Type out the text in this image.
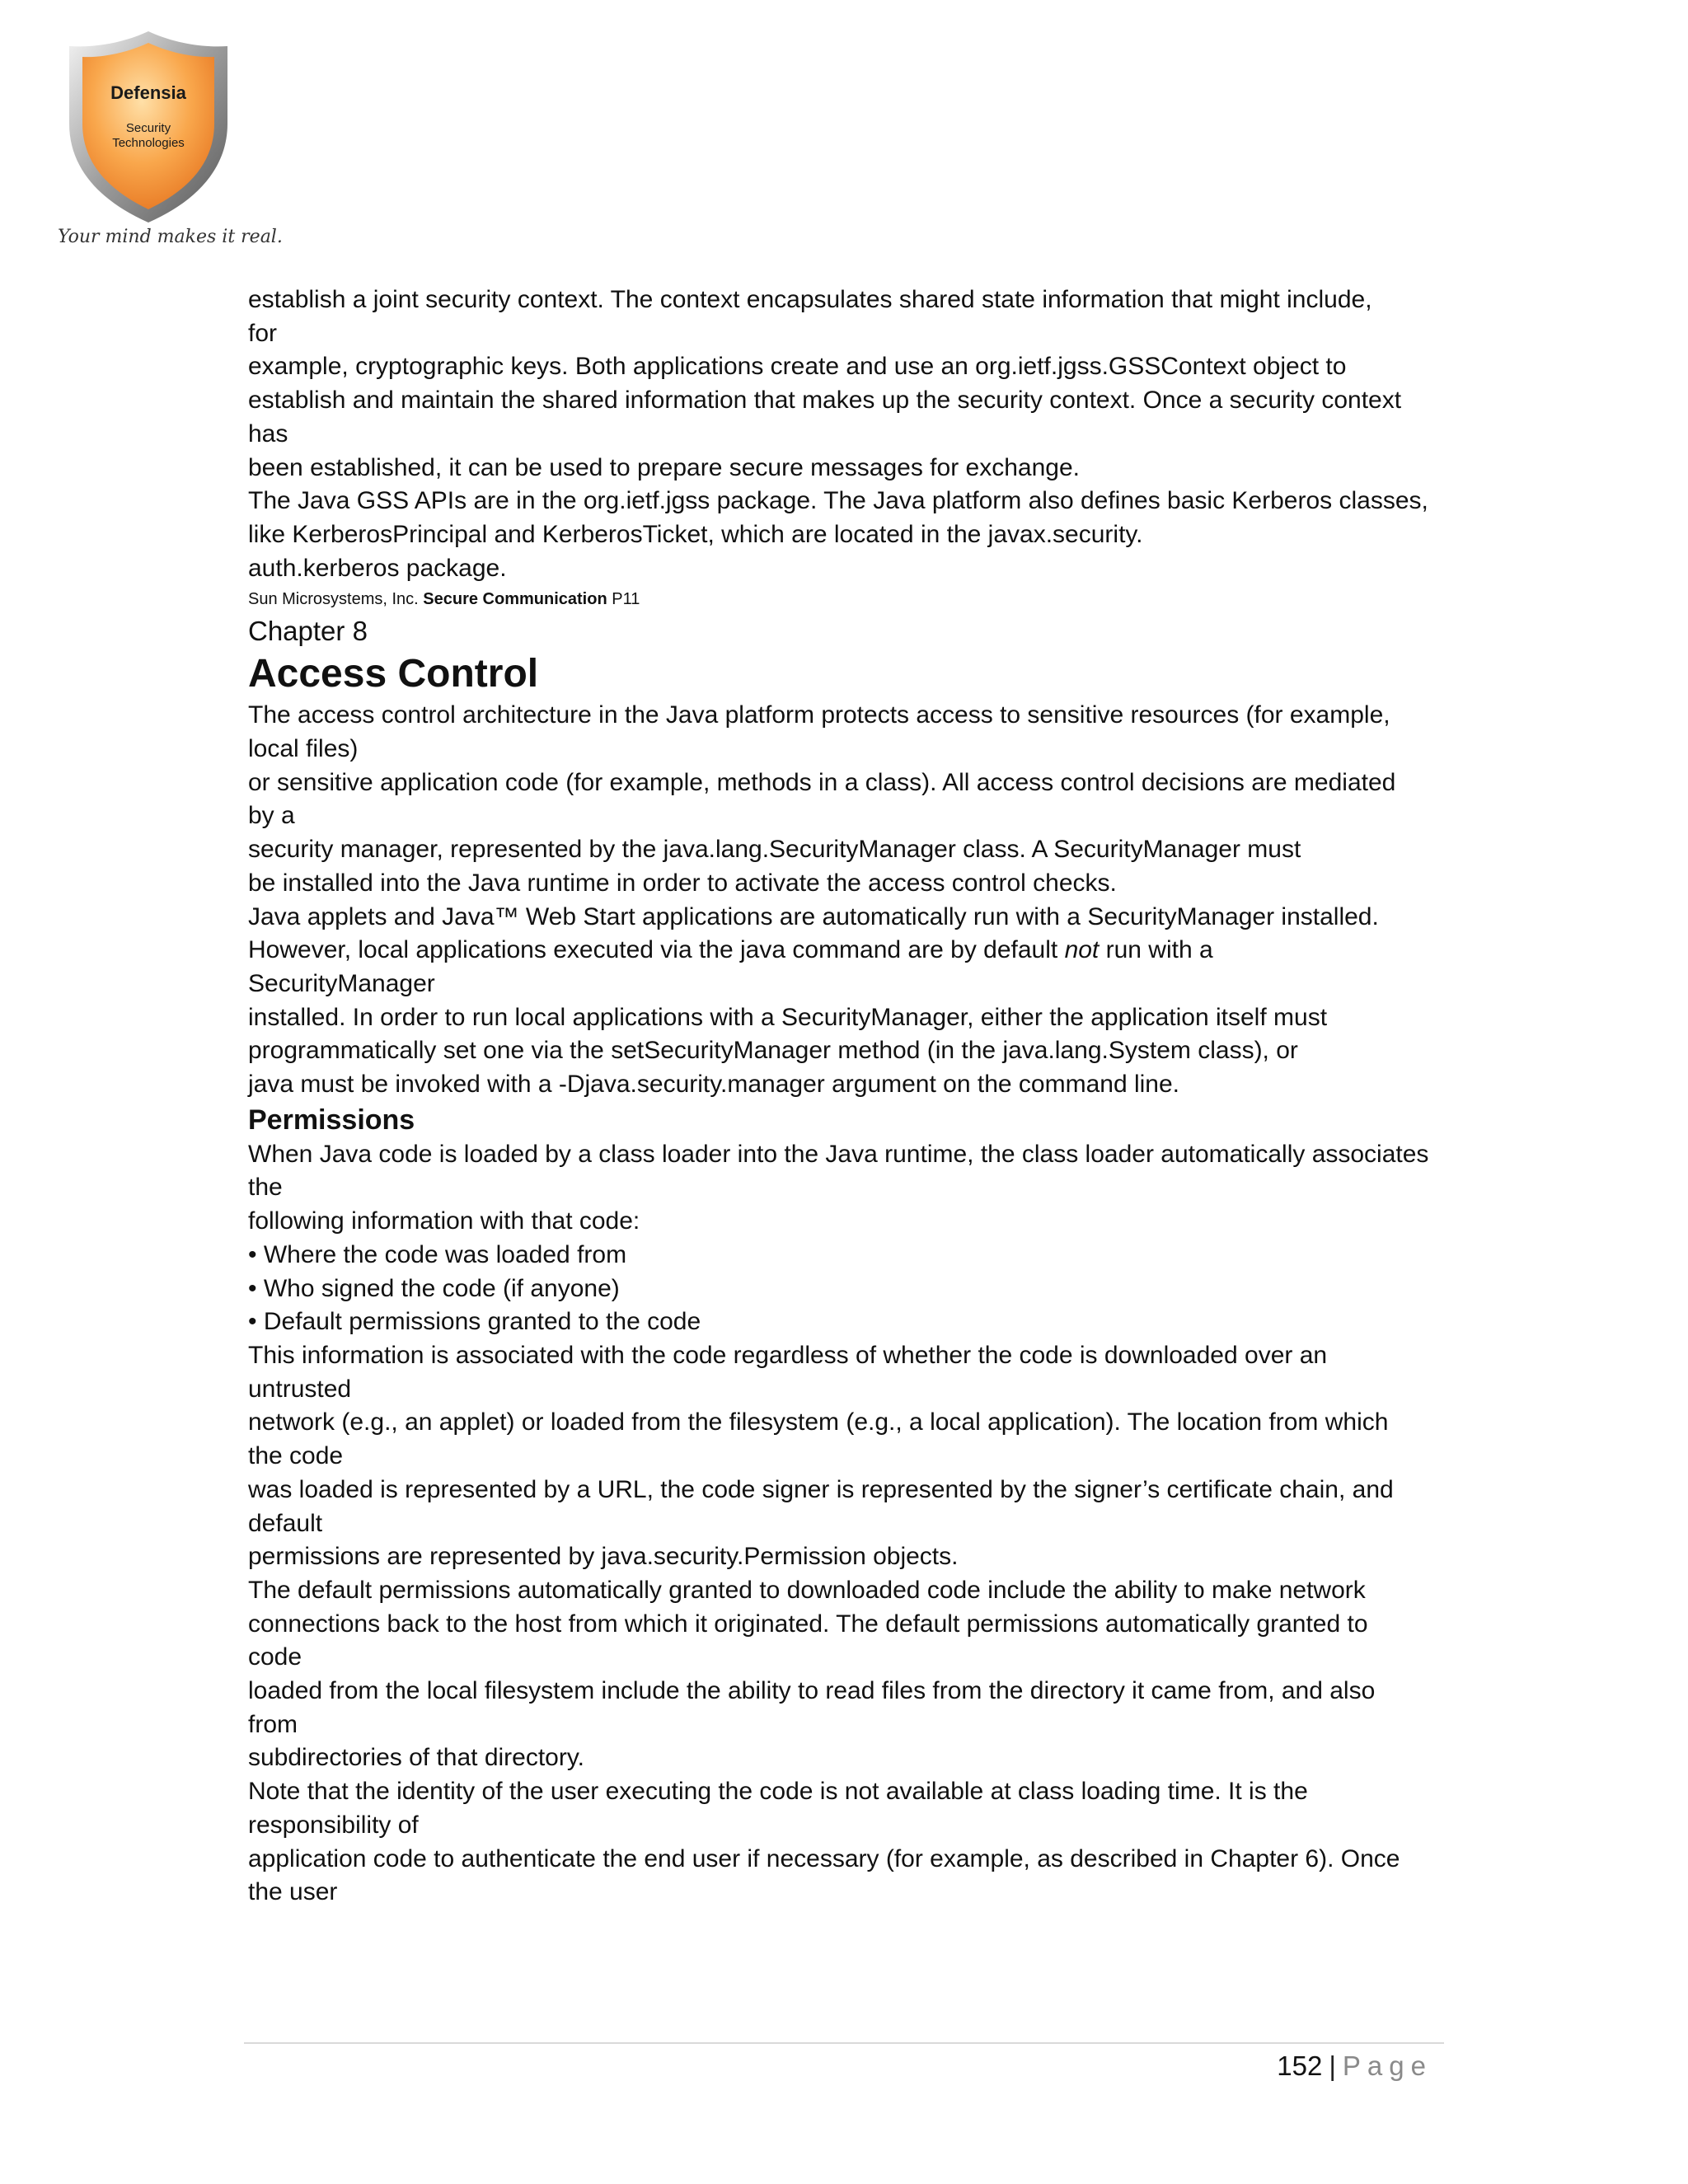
Defensia
Security
Technologies
Your mind makes it real.

establish a joint security context. The context encapsulates shared state information that might include,

for

example, cryptographic keys. Both applications create and use an org.ietf.jgss.GSSContext object to

establish and maintain the shared information that makes up the security context. Once a security context

has

been established, it can be used to prepare secure messages for exchange.

The Java GSS APIs are in the org.ietf.jgss package. The Java platform also defines basic Kerberos classes,

like KerberosPrincipal and KerberosTicket, which are located in the javax.security.

auth.kerberos package.

Sun Microsystems, Inc. Secure Communication P11

Chapter 8

Access Control

The access control architecture in the Java platform protects access to sensitive resources (for example,

local files)

or sensitive application code (for example, methods in a class). All access control decisions are mediated

by a

security manager, represented by the java.lang.SecurityManager class. A SecurityManager must

be installed into the Java runtime in order to activate the access control checks.

Java applets and Java™ Web Start applications are automatically run with a SecurityManager installed.

However, local applications executed via the java command are by default not run with a

SecurityManager

installed. In order to run local applications with a SecurityManager, either the application itself must

programmatically set one via the setSecurityManager method (in the java.lang.System class), or

java must be invoked with a -Djava.security.manager argument on the command line.

Permissions

When Java code is loaded by a class loader into the Java runtime, the class loader automatically associates

the

following information with that code:

• Where the code was loaded from

• Who signed the code (if anyone)

• Default permissions granted to the code

This information is associated with the code regardless of whether the code is downloaded over an

untrusted

network (e.g., an applet) or loaded from the filesystem (e.g., a local application). The location from which

the code

was loaded is represented by a URL, the code signer is represented by the signer’s certificate chain, and

default

permissions are represented by java.security.Permission objects.

The default permissions automatically granted to downloaded code include the ability to make network

connections back to the host from which it originated. The default permissions automatically granted to

code

loaded from the local filesystem include the ability to read files from the directory it came from, and also

from

subdirectories of that directory.

Note that the identity of the user executing the code is not available at class loading time. It is the

responsibility of

application code to authenticate the end user if necessary (for example, as described in Chapter 6). Once

the user

152 | Page
